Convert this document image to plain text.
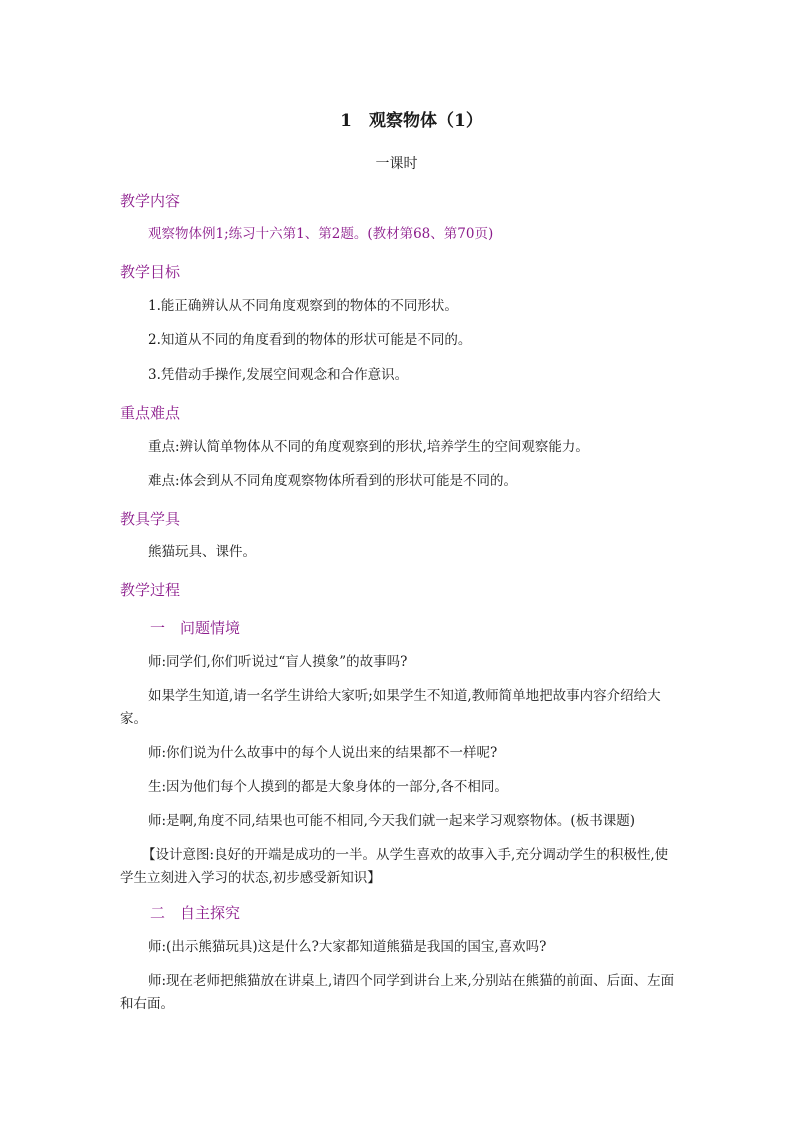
1　观察物体（1）
一课时
教学内容
观察物体例1;练习十六第1、第2题。(教材第68、第70页)
教学目标
1.能正确辨认从不同角度观察到的物体的不同形状。
2.知道从不同的角度看到的物体的形状可能是不同的。
3.凭借动手操作,发展空间观念和合作意识。
重点难点
重点:辨认简单物体从不同的角度观察到的形状,培养学生的空间观察能力。
难点:体会到从不同角度观察物体所看到的形状可能是不同的。
教具学具
熊猫玩具、课件。
教学过程
一　问题情境
师:同学们,你们听说过“盲人摸象”的故事吗?
如果学生知道,请一名学生讲给大家听;如果学生不知道,教师简单地把故事内容介绍给大家。
师:你们说为什么故事中的每个人说出来的结果都不一样呢?
生:因为他们每个人摸到的都是大象身体的一部分,各不相同。
师:是啊,角度不同,结果也可能不相同,今天我们就一起来学习观察物体。(板书课题)
【设计意图:良好的开端是成功的一半。从学生喜欢的故事入手,充分调动学生的积极性,使学生立刻进入学习的状态,初步感受新知识】
二　自主探究
师:(出示熊猫玩具)这是什么?大家都知道熊猫是我国的国宝,喜欢吗?
师:现在老师把熊猫放在讲桌上,请四个同学到讲台上来,分别站在熊猫的前面、后面、左面和右面。
